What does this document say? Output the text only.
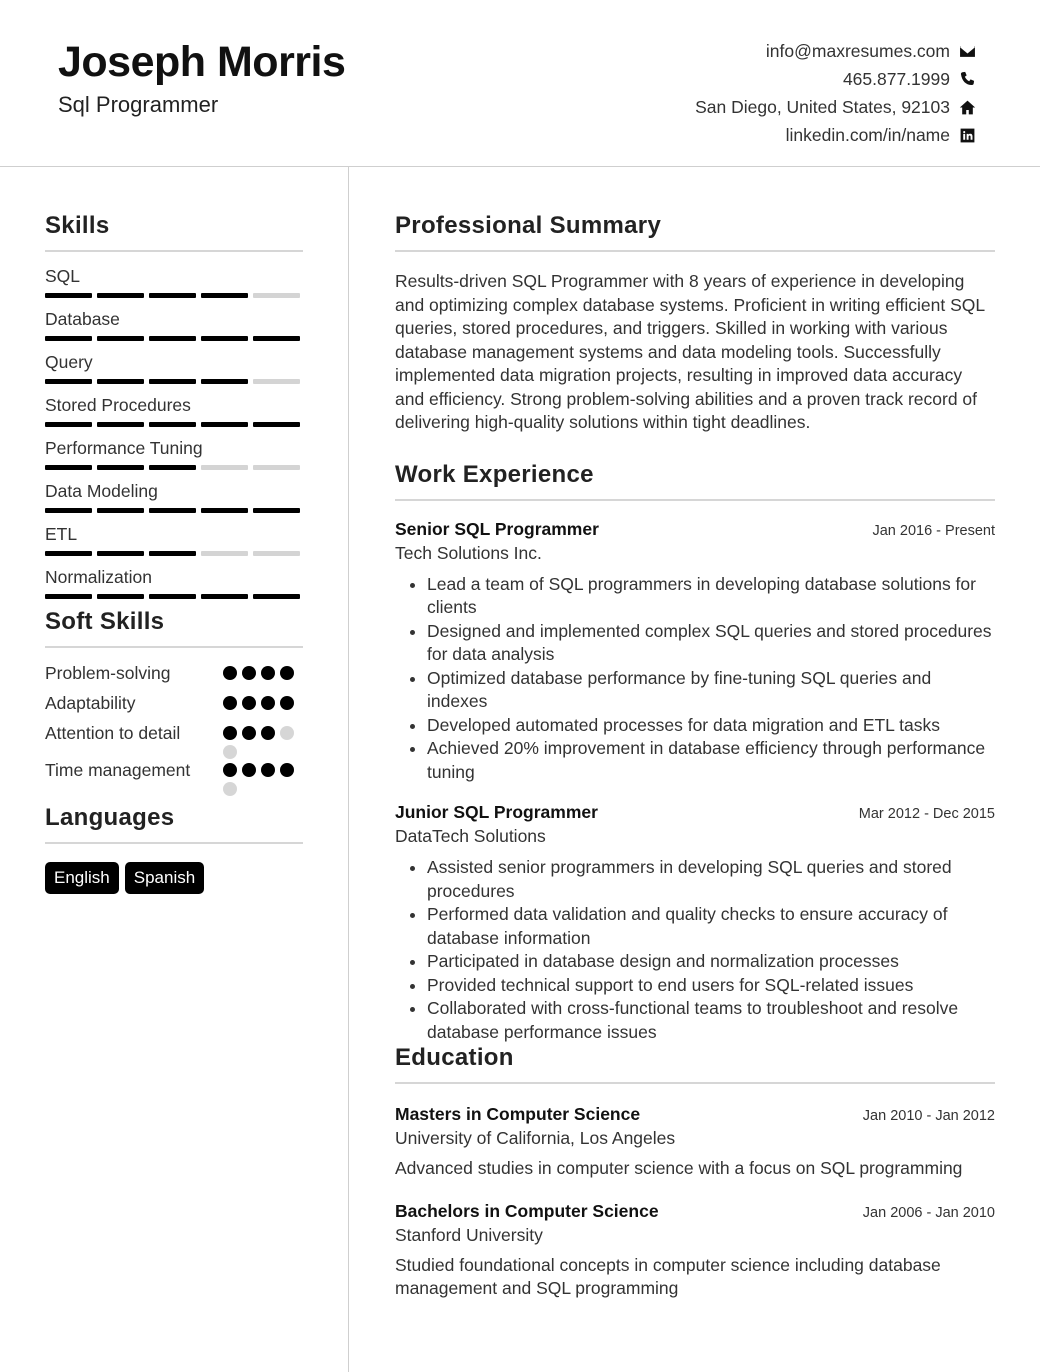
Joseph Morris
Sql Programmer
info@maxresumes.com
465.877.1999
San Diego, United States, 92103
linkedin.com/in/name
Skills
SQL
Database
Query
Stored Procedures
Performance Tuning
Data Modeling
ETL
Normalization
Soft Skills
Problem-solving
Adaptability
Attention to detail
Time management
Languages
English	Spanish
Professional Summary
Results-driven SQL Programmer with 8 years of experience in developing and optimizing complex database systems. Proficient in writing efficient SQL queries, stored procedures, and triggers. Skilled in working with various database management systems and data modeling tools. Successfully implemented data migration projects, resulting in improved data accuracy and efficiency. Strong problem-solving abilities and a proven track record of delivering high-quality solutions within tight deadlines.
Work Experience
Senior SQL Programmer	Jan 2016 - Present
Tech Solutions Inc.
• Lead a team of SQL programmers in developing database solutions for clients
• Designed and implemented complex SQL queries and stored procedures for data analysis
• Optimized database performance by fine-tuning SQL queries and indexes
• Developed automated processes for data migration and ETL tasks
• Achieved 20% improvement in database efficiency through performance tuning
Junior SQL Programmer	Mar 2012 - Dec 2015
DataTech Solutions
• Assisted senior programmers in developing SQL queries and stored procedures
• Performed data validation and quality checks to ensure accuracy of database information
• Participated in database design and normalization processes
• Provided technical support to end users for SQL-related issues
• Collaborated with cross-functional teams to troubleshoot and resolve database performance issues
Education
Masters in Computer Science	Jan 2010 - Jan 2012
University of California, Los Angeles
Advanced studies in computer science with a focus on SQL programming
Bachelors in Computer Science	Jan 2006 - Jan 2010
Stanford University
Studied foundational concepts in computer science including database management and SQL programming
